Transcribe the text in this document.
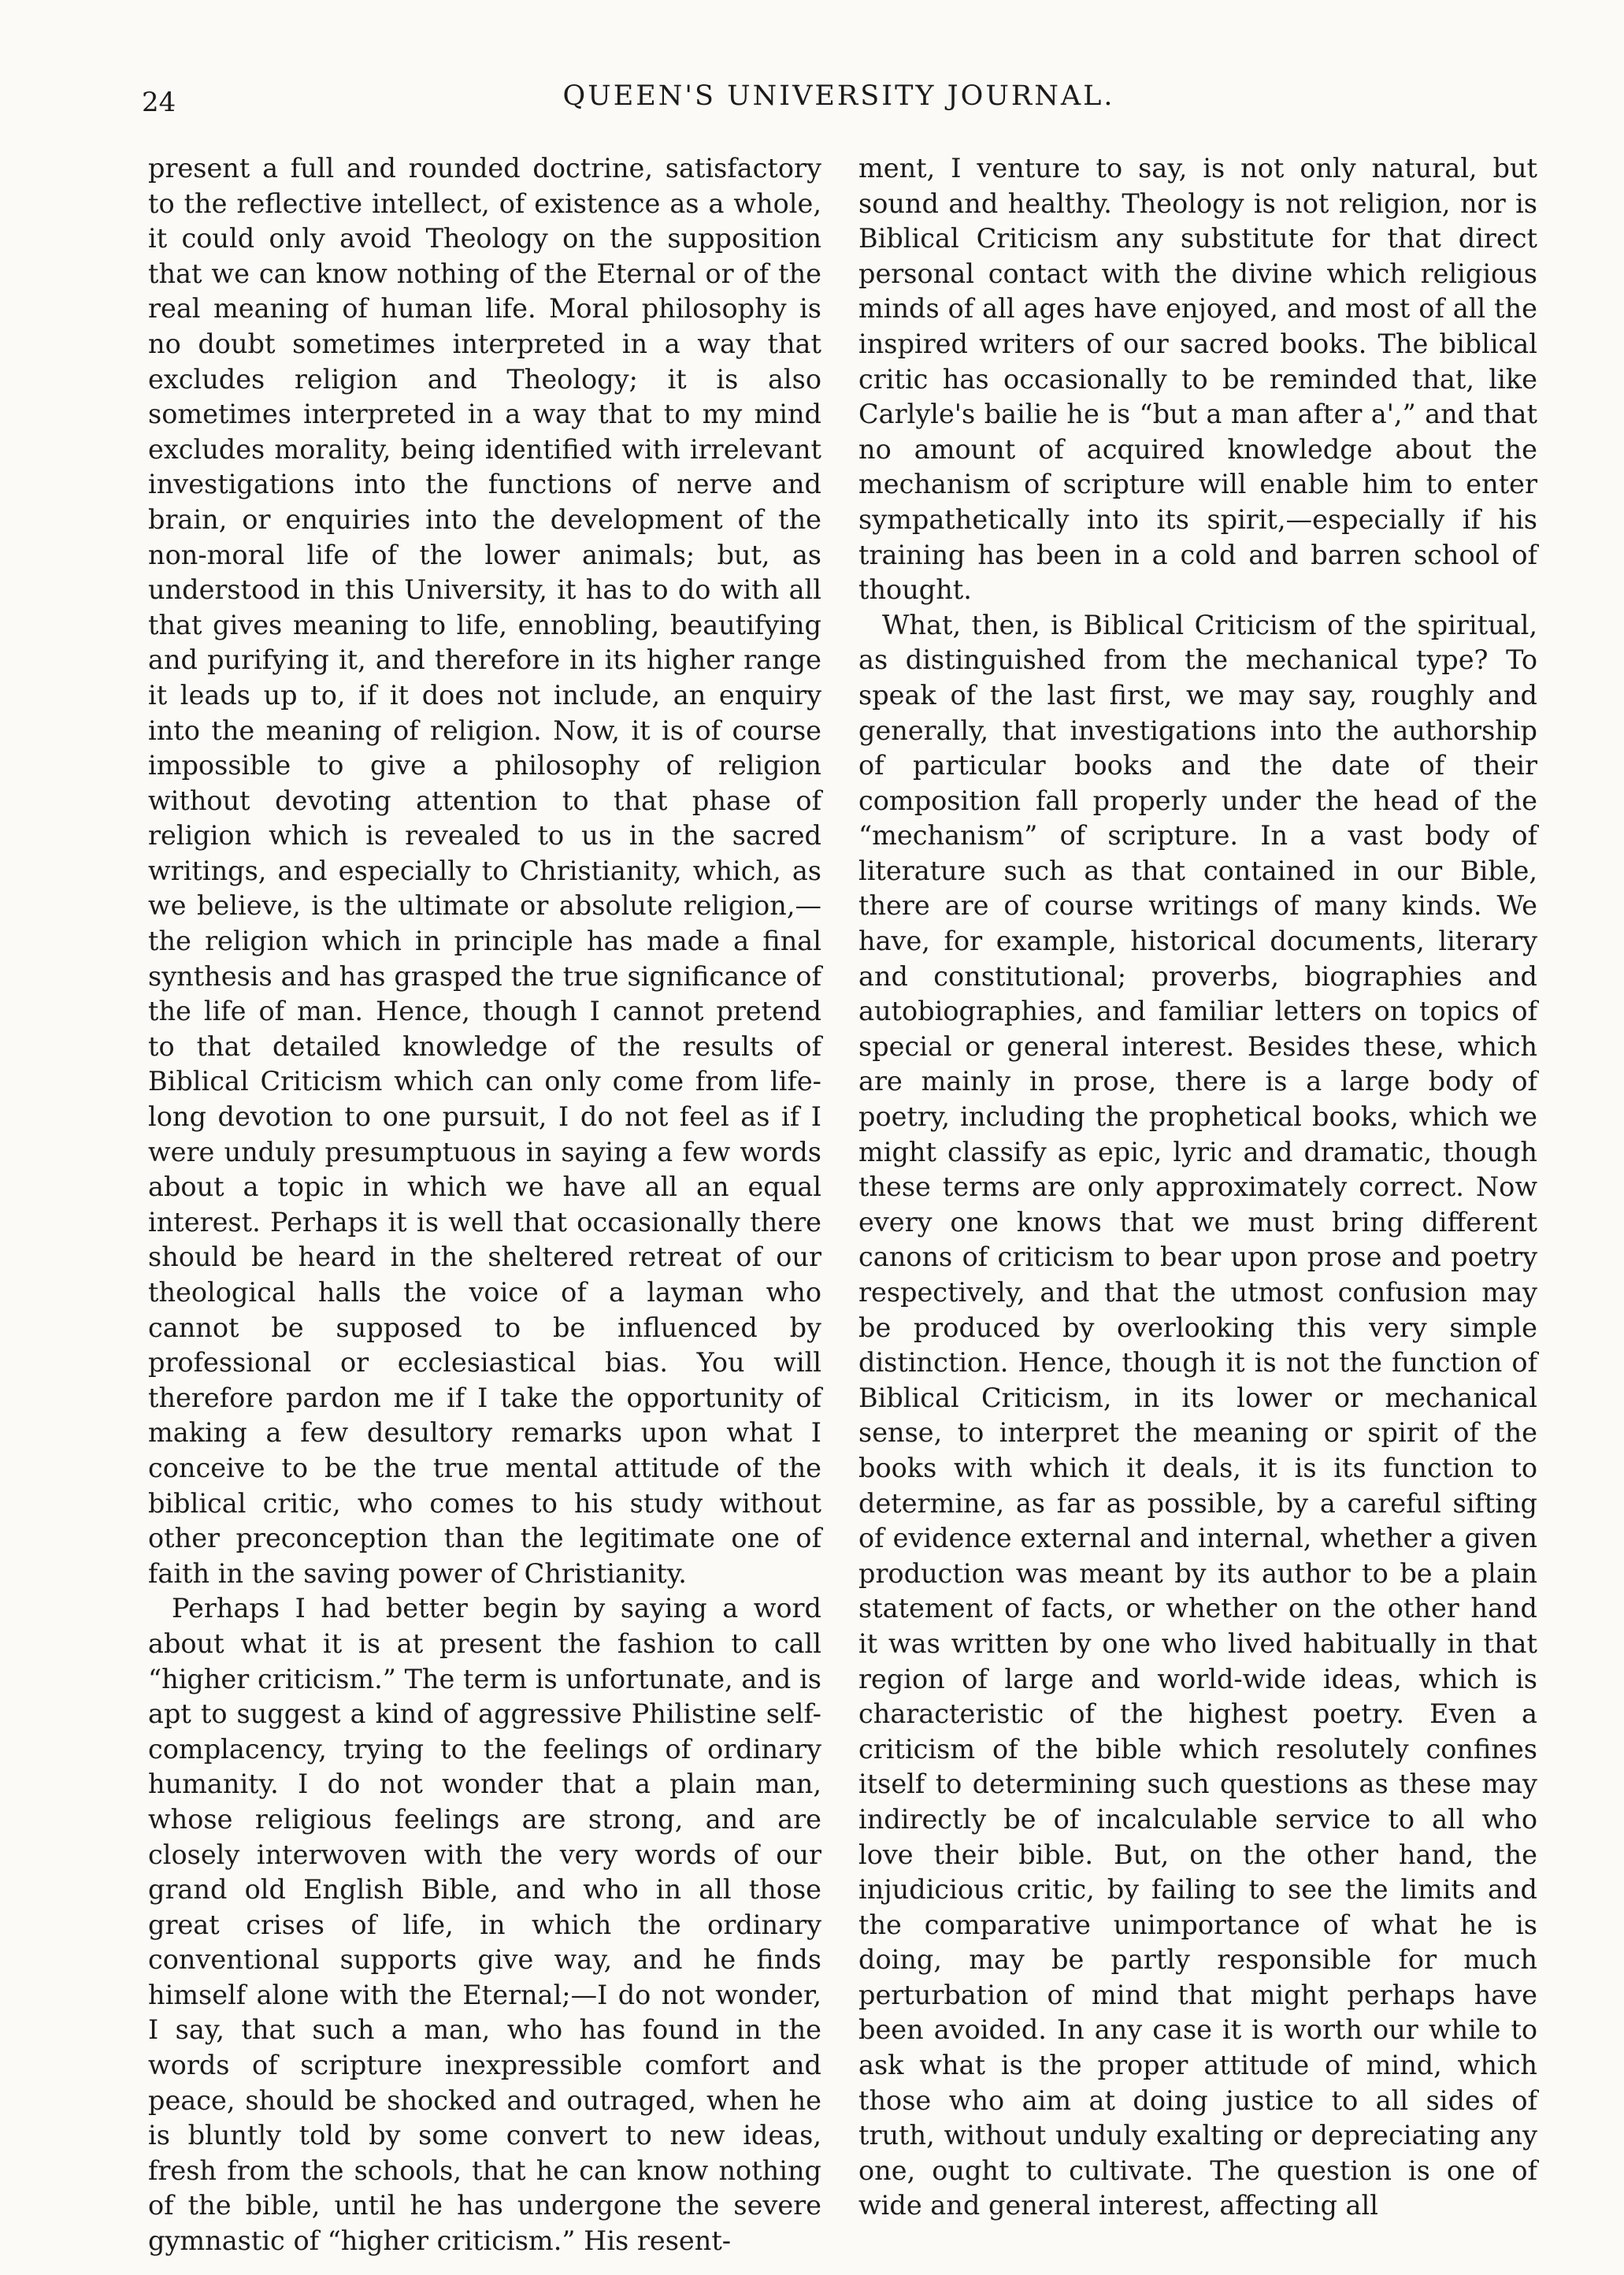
24	QUEEN'S UNIVERSITY JOURNAL.

present a full and rounded doctrine, satisfactory to the reflective intellect, of existence as a whole, it could only avoid Theology on the supposition that we can know nothing of the Eternal or of the real meaning of human life. Moral philosophy is no doubt sometimes interpreted in a way that excludes religion and Theology; it is also sometimes interpreted in a way that to my mind excludes morality, being identified with irrelevant investigations into the functions of nerve and brain, or enquiries into the development of the non-moral life of the lower animals; but, as understood in this University, it has to do with all that gives meaning to life, ennobling, beautifying and purifying it, and therefore in its higher range it leads up to, if it does not include, an enquiry into the meaning of religion. Now, it is of course impossible to give a philosophy of religion without devoting attention to that phase of religion which is revealed to us in the sacred writings, and especially to Christianity, which, as we believe, is the ultimate or absolute religion,—the religion which in principle has made a final synthesis and has grasped the true significance of the life of man. Hence, though I cannot pretend to that detailed knowledge of the results of Biblical Criticism which can only come from life-long devotion to one pursuit, I do not feel as if I were unduly presumptuous in saying a few words about a topic in which we have all an equal interest. Perhaps it is well that occasionally there should be heard in the sheltered retreat of our theological halls the voice of a layman who cannot be supposed to be influenced by professional or ecclesiastical bias. You will therefore pardon me if I take the opportunity of making a few desultory remarks upon what I conceive to be the true mental attitude of the biblical critic, who comes to his study without other preconception than the legitimate one of faith in the saving power of Christianity.

Perhaps I had better begin by saying a word about what it is at present the fashion to call “higher criticism.” The term is unfortunate, and is apt to suggest a kind of aggressive Philistine self-complacency, trying to the feelings of ordinary humanity. I do not wonder that a plain man, whose religious feelings are strong, and are closely interwoven with the very words of our grand old English Bible, and who in all those great crises of life, in which the ordinary conventional supports give way, and he finds himself alone with the Eternal;—I do not wonder, I say, that such a man, who has found in the words of scripture inexpressible comfort and peace, should be shocked and outraged, when he is bluntly told by some convert to new ideas, fresh from the schools, that he can know nothing of the bible, until he has undergone the severe gymnastic of “higher criticism.” His resent-

ment, I venture to say, is not only natural, but sound and healthy. Theology is not religion, nor is Biblical Criticism any substitute for that direct personal contact with the divine which religious minds of all ages have enjoyed, and most of all the inspired writers of our sacred books. The biblical critic has occasionally to be reminded that, like Carlyle's bailie he is “but a man after a',” and that no amount of acquired knowledge about the mechanism of scripture will enable him to enter sympathetically into its spirit,—especially if his training has been in a cold and barren school of thought.

What, then, is Biblical Criticism of the spiritual, as distinguished from the mechanical type? To speak of the last first, we may say, roughly and generally, that investigations into the authorship of particular books and the date of their composition fall properly under the head of the “mechanism” of scripture. In a vast body of literature such as that contained in our Bible, there are of course writings of many kinds. We have, for example, historical documents, literary and constitutional; proverbs, biographies and autobiographies, and familiar letters on topics of special or general interest. Besides these, which are mainly in prose, there is a large body of poetry, including the prophetical books, which we might classify as epic, lyric and dramatic, though these terms are only approximately correct. Now every one knows that we must bring different canons of criticism to bear upon prose and poetry respectively, and that the utmost confusion may be produced by overlooking this very simple distinction. Hence, though it is not the function of Biblical Criticism, in its lower or mechanical sense, to interpret the meaning or spirit of the books with which it deals, it is its function to determine, as far as possible, by a careful sifting of evidence external and internal, whether a given production was meant by its author to be a plain statement of facts, or whether on the other hand it was written by one who lived habitually in that region of large and world-wide ideas, which is characteristic of the highest poetry. Even a criticism of the bible which resolutely confines itself to determining such questions as these may indirectly be of incalculable service to all who love their bible. But, on the other hand, the injudicious critic, by failing to see the limits and the comparative unimportance of what he is doing, may be partly responsible for much perturbation of mind that might perhaps have been avoided. In any case it is worth our while to ask what is the proper attitude of mind, which those who aim at doing justice to all sides of truth, without unduly exalting or depreciating any one, ought to cultivate. The question is one of wide and general interest, affecting all
